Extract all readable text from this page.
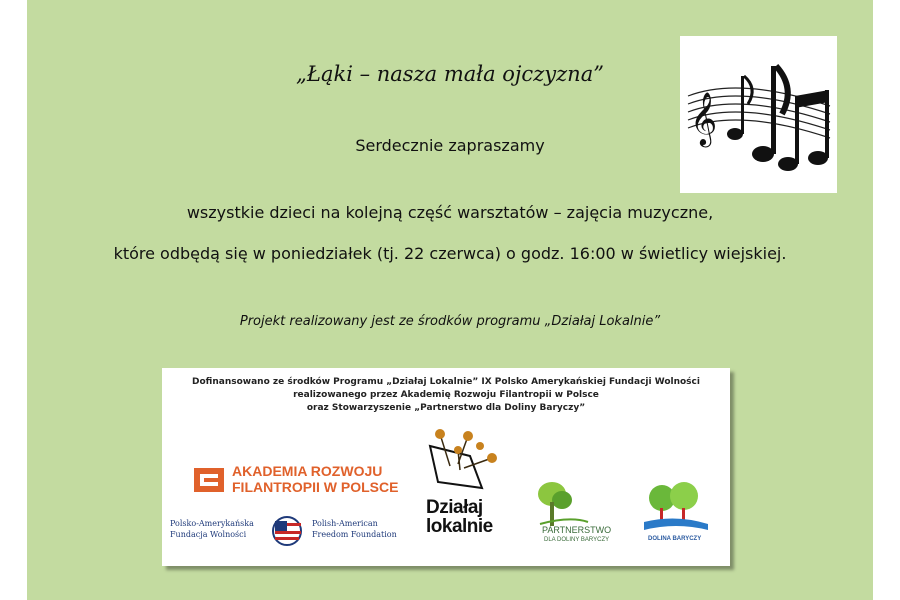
„Łąki – nasza mała ojczyzna”
Serdecznie zapraszamy
wszystkie dzieci na kolejną część warsztatów – zajęcia muzyczne,
które odbędą się w poniedziałek (tj. 22 czerwca) o godz. 16:00 w świetlicy wiejskiej.
Projekt realizowany jest ze środków programu „Działaj Lokalnie”
𝄞
Dofinansowano ze środków Programu „Działaj Lokalnie” IX Polsko Amerykańskiej Fundacji Wolności
realizowanego przez Akademię Rozwoju Filantropii w Polsce
oraz Stowarzyszenie „Partnerstwo dla Doliny Baryczy”
AKADEMIA ROZWOJU
FILANTROPII W POLSCE
Polsko-Amerykańska
Fundacja Wolności
Polish-American
Freedom Foundation
Działaj
lokalnie	PARTNERSTWO
DLA DOLINY BARYCZY	DOLINA BARYCZY
